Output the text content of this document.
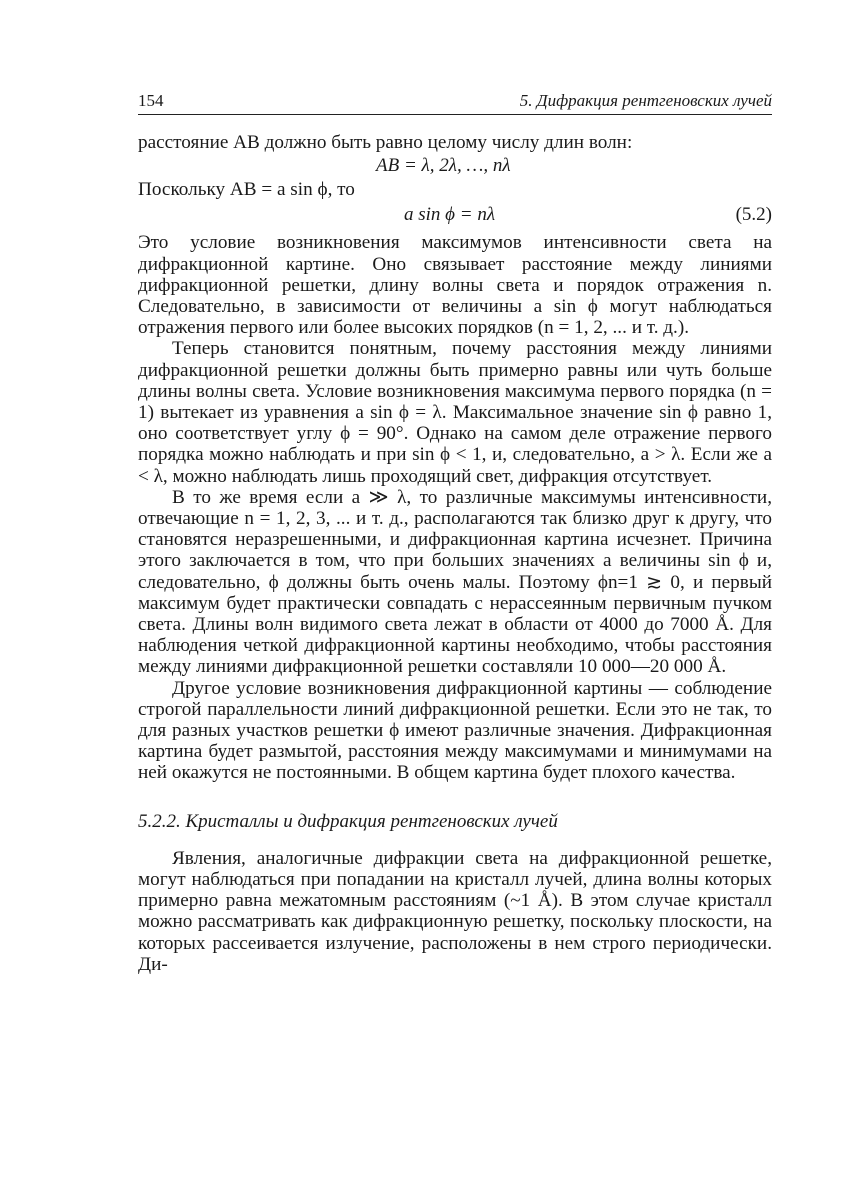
154	5. Дифракция рентгеновских лучей

расстояние AB должно быть равно целому числу длин волн:

AB = λ, 2λ, …, nλ

Поскольку AB = a sin ϕ, то

a sin ϕ = nλ	(5.2)

Это условие возникновения максимумов интенсивности света на дифракционной картине. Оно связывает расстояние между линиями дифракционной решетки, длину волны света и порядок отражения n. Следовательно, в зависимости от величины a sin ϕ могут наблюдаться отражения первого или более высоких порядков (n = 1, 2, ... и т. д.).

Теперь становится понятным, почему расстояния между линиями дифракционной решетки должны быть примерно равны или чуть больше длины волны света. Условие возникновения максимума первого порядка (n = 1) вытекает из уравнения a sin ϕ = λ. Максимальное значение sin ϕ равно 1, оно соответствует углу ϕ = 90°. Однако на самом деле отражение первого порядка можно наблюдать и при sin ϕ < 1, и, следовательно, a > λ. Если же a < λ, можно наблюдать лишь проходящий свет, дифракция отсутствует.

В то же время если a ≫ λ, то различные максимумы интенсивности, отвечающие n = 1, 2, 3, ... и т. д., располагаются так близко друг к другу, что становятся неразрешенными, и дифракционная картина исчезнет. Причина этого заключается в том, что при больших значениях a величины sin ϕ и, следовательно, ϕ должны быть очень малы. Поэтому ϕn=1 ≳ 0, и первый максимум будет практически совпадать с нерассеянным первичным пучком света. Длины волн видимого света лежат в области от 4000 до 7000 Å. Для наблюдения четкой дифракционной картины необходимо, чтобы расстояния между линиями дифракционной решетки составляли 10 000—20 000 Å.

Другое условие возникновения дифракционной картины — соблюдение строгой параллельности линий дифракционной решетки. Если это не так, то для разных участков решетки ϕ имеют различные значения. Дифракционная картина будет размытой, расстояния между максимумами и минимумами на ней окажутся не постоянными. В общем картина будет плохого качества.

5.2.2. Кристаллы и дифракция рентгеновских лучей

Явления, аналогичные дифракции света на дифракционной решетке, могут наблюдаться при попадании на кристалл лучей, длина волны которых примерно равна межатомным расстояниям (~1 Å). В этом случае кристалл можно рассматривать как дифракционную решетку, поскольку плоскости, на которых рассеивается излучение, расположены в нем строго периодически. Ди-
